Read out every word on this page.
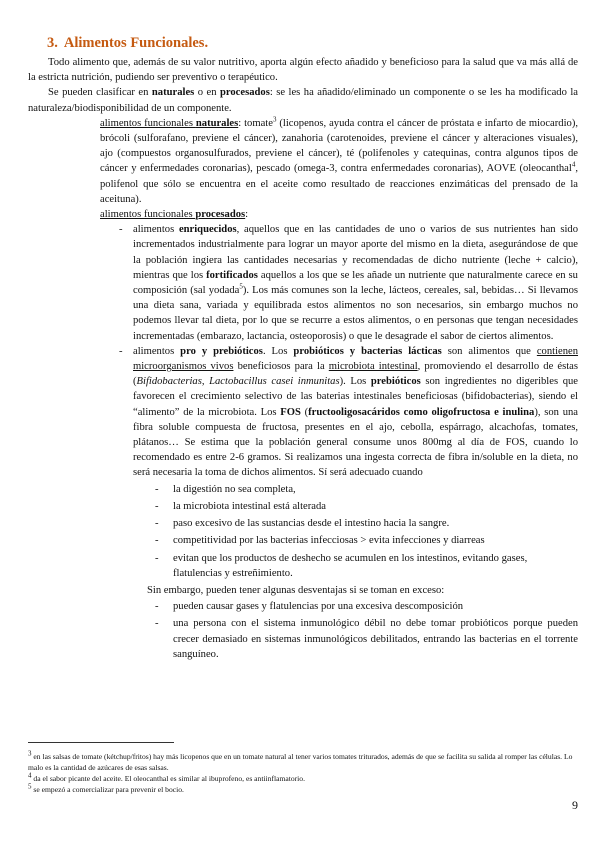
3. Alimentos Funcionales.

Todo alimento que, además de su valor nutritivo, aporta algún efecto añadido y beneficioso para la salud que va más allá de la estricta nutrición, pudiendo ser preventivo o terapéutico.

Se pueden clasificar en naturales o en procesados: se les ha añadido/eliminado un componente o se les ha modificado la naturaleza/biodisponibilidad de un componente.

alimentos funcionales naturales: tomate$^3$ (licopenos, ayuda contra el cáncer de próstata e infarto de miocardio), brócoli (sulforafano, previene el cáncer), zanahoria (carotenoides, previene el cáncer y alteraciones visuales), ajo (compuestos organosulfurados, previene el cáncer), té (polifenoles y catequinas, contra algunos tipos de cáncer y enfermedades coronarias), pescado (omega-3, contra enfermedades coronarias), AOVE (oleocanthal$^4$, polifenol que sólo se encuentra en el aceite como resultado de reacciones enzimáticas del prensado de la aceituna).

alimentos funcionales procesados:

- alimentos enriquecidos, aquellos que en las cantidades de uno o varios de sus nutrientes han sido incrementados industrialmente para lograr un mayor aporte del mismo en la dieta, asegurándose de que la población ingiera las cantidades necesarias y recomendadas de dicho nutriente (leche + calcio), mientras que los fortificados aquellos a los que se les añade un nutriente que naturalmente carece en su composición (sal yodada$^5$). Los más comunes son la leche, lácteos, cereales, sal, bebidas… Si llevamos una dieta sana, variada y equilibrada estos alimentos no son necesarios, sin embargo muchos no podemos llevar tal dieta, por lo que se recurre a estos alimentos, o en personas que tengan necesidades incrementadas (embarazo, lactancia, osteoporosis) o que le desagrade el sabor de ciertos alimentos.
- alimentos pro y prebióticos. Los probióticos y bacterias lácticas son alimentos que contienen microorganismos vivos beneficiosos para la microbiota intestinal, promoviendo el desarrollo de éstas (Bifidobacterias, Lactobacillus casei inmunitas). Los prebióticos son ingredientes no digeribles que favorecen el crecimiento selectivo de las baterias intestinales beneficiosas (bifidobacterias), siendo el “alimento” de la microbiota. Los FOS (fructooligosacáridos como oligofructosa e inulina), son una fibra soluble compuesta de fructosa, presentes en el ajo, cebolla, espárrago, alcachofas, tomates, plátanos… Se estima que la población general consume unos 800mg al día de FOS, cuando lo recomendado es entre 2-6 gramos. Si realizamos una ingesta correcta de fibra in/soluble en la dieta, no será necesaria la toma de dichos alimentos. Sí será adecuado cuando
- la digestión no sea completa,
- la microbiota intestinal está alterada
- paso excesivo de las sustancias desde el intestino hacia la sangre.
- competitividad por las bacterias infecciosas > evita infecciones y diarreas
- evitan que los productos de deshecho se acumulen en los intestinos, evitando gases, flatulencias y estreñimiento.
Sin embargo, pueden tener algunas desventajas si se toman en exceso:
- pueden causar gases y flatulencias por una excesiva descomposición
- una persona con el sistema inmunológico débil no debe tomar probióticos porque pueden crecer demasiado en sistemas inmunológicos debilitados, entrando las bacterias en el torrente sanguíneo.
$^3$ en las salsas de tomate (kétchup/fritos) hay más licopenos que en un tomate natural al tener varios tomates triturados, además de que se facilita su salida al romper las células. Lo malo es la cantidad de azúcares de esas salsas.
$^4$ da el sabor picante del aceite. El oleocanthal es similar al ibuprofeno, es antiinflamatorio.
$^5$ se empezó a comercializar para prevenir el bocio.
9
